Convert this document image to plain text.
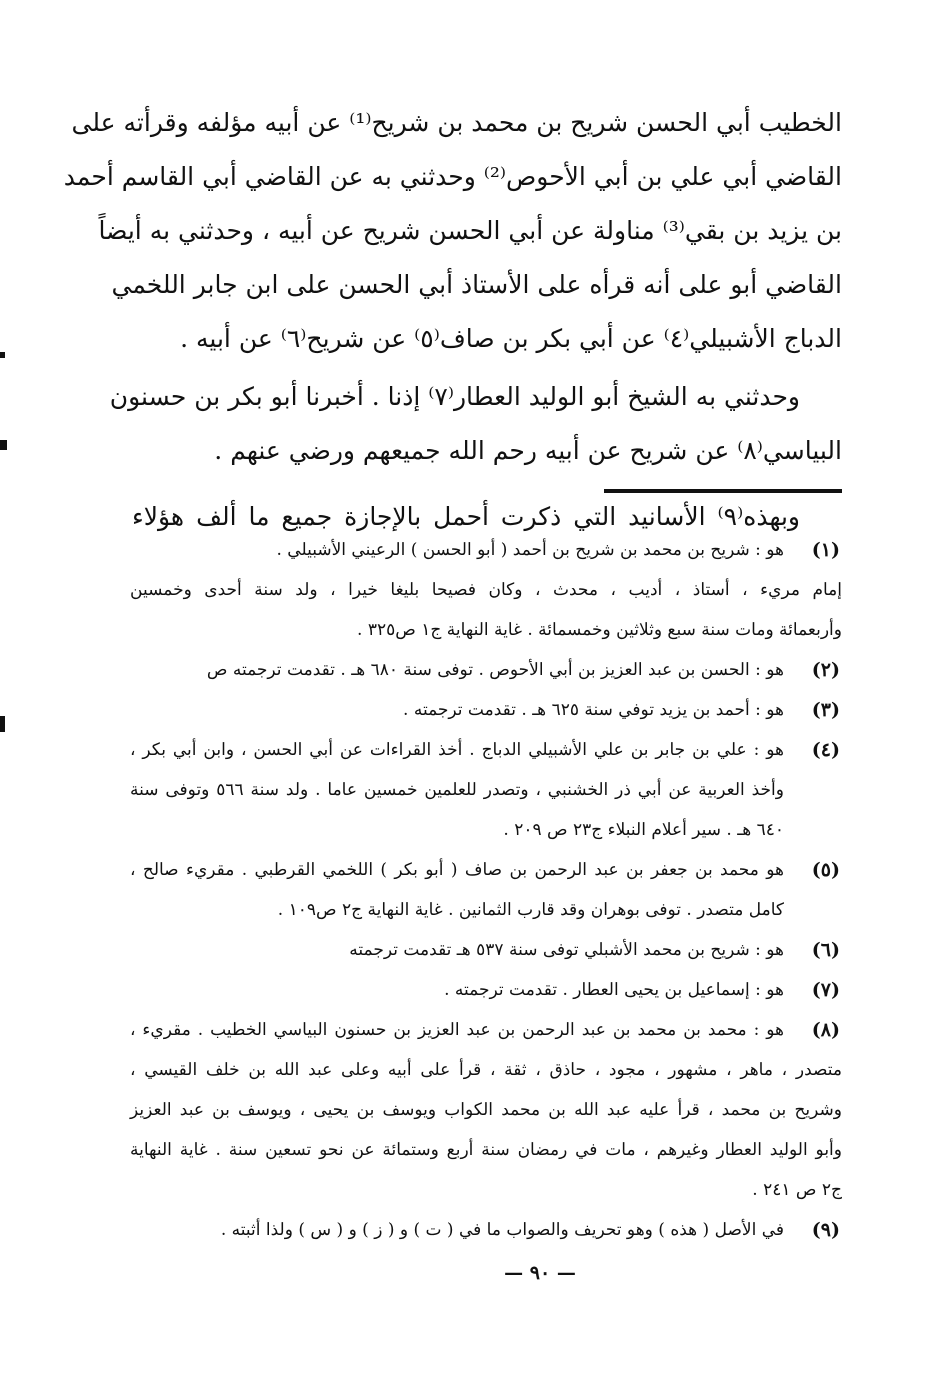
الخطيب أبي الحسن شريح بن محمد بن شريح⁽¹⁾ عن أبيه مؤلفه وقرأته على
القاضي أبي علي بن أبي الأحوص⁽²⁾ وحدثني به عن القاضي أبي القاسم أحمد
بن يزيد بن بقي⁽³⁾ مناولة عن أبي الحسن شريح عن أبيه ، وحدثني به أيضاً
القاضي أبو على أنه قرأه على الأستاذ أبي الحسن على ابن جابر اللخمي
الدباج الأشبيلي⁽٤⁾ عن أبي بكر بن صاف⁽٥⁾ عن شريح⁽٦⁾ عن أبيه .
وحدثني به الشيخ أبو الوليد العطار⁽٧⁾ إذنا . أخبرنا أبو بكر بن حسنون
البياسي⁽٨⁾ عن شريح عن أبيه رحم الله جميعهم ورضي عنهم .
وبهذه⁽٩⁾ الأسانيد التي ذكرت أحمل بالإجازة جميع ما ألف هؤلاء
(١)
هو : شريح بن محمد بن شريح بن أحمد ( أبو الحسن ) الرعيني الأشبيلي .
إمام مريء ، أستاذ ، أديب ، محدث ، وكان فصيحا بليغا خيرا ، ولد سنة أحدى وخمسين
وأربعمائة ومات سنة سبع وثلاثين وخمسمائة . غاية النهاية ج١ ص٣٢٥ .
(٢)
هو : الحسن بن عبد العزيز بن أبي الأحوص . توفى سنة ٦٨٠ هـ . تقدمت ترجمته ص
(٣)
هو : أحمد بن يزيد توفي سنة ٦٢٥ هـ . تقدمت ترجمته .
(٤)
هو : علي بن جابر بن علي الأشبيلي الدباج . أخذ القراءات عن أبي الحسن ، وابن أبي بكر ،
وأخذ العربية عن أبي ذر الخشنبي ، وتصدر للعلمين خمسين عاما . ولد سنة ٥٦٦ وتوفى سنة
٦٤٠ هـ . سير أعلام النبلاء ج٢٣ ص ٢٠٩ .
(٥)
هو محمد بن جعفر بن عبد الرحمن بن صاف ( أبو بكر ) اللخمي القرطبي . مقريء صالح ،
كامل متصدر . توفى بوهران وقد قارب الثمانين . غاية النهاية ج٢ ص١٠٩ .
(٦)
هو : شريح بن محمد الأشبلي توفى سنة ٥٣٧ هـ تقدمت ترجمته
(٧)
هو : إسماعيل بن يحيى العطار . تقدمت ترجمته .
(٨)
هو : محمد بن محمد بن عبد الرحمن بن عبد العزيز بن حسنون البياسي الخطيب . مقريء ،
متصدر ، ماهر ، مشهور ، مجود ، حاذق ، ثقة ، قرأ على أبيه وعلى عبد الله بن خلف القيسي ،
وشريح بن محمد ، قرأ عليه عبد الله بن محمد الكواب ويوسف بن يحيى ، ويوسف بن عبد العزيز
وأبو الوليد العطار وغيرهم ، مات في رمضان سنة أربع وستمائة عن نحو تسعين سنة . غاية النهاية
ج٢ ص ٢٤١ .
(٩)
في الأصل ( هذه ) وهو تحريف والصواب ما في ( ت ) و ( ز ) و ( س ) ولذا أثبته .
— ٩٠ —
